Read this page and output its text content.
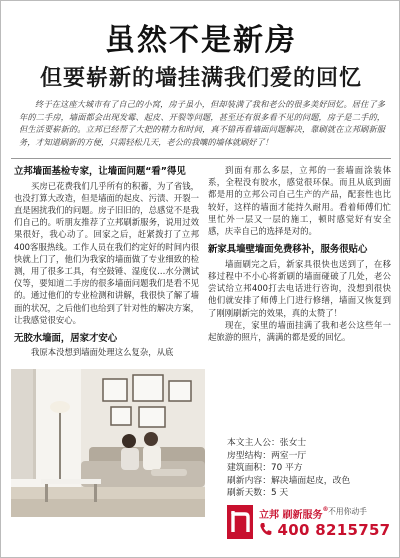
虽然不是新房
但要崭新的墙挂满我们爱的回忆
终于在这座大城市有了自己的小窝，房子虽小，但却装满了我和老公的很多美好回忆。居住了多年的二手房，墙面都会出现发霉、起皮、开裂等问题，甚至还有很多看不见的问题，房子是二手的，但生活要崭新的。立邦已经帮了大把的精力和时间，真不错再看墙面问题解决，靠刷就在立邦刷新服务，才知道刷新的方便，只需轻松几天，老公的我嚷的墙体就刷好了！
立邦墙面基检专家，让墙面问题“看”得见

买房已花费我们几乎所有的积蓄，为了省钱，也没打算大改造，但是墙面的起皮、污渍、开裂一直是困扰我们的问题。房子旧旧的，总感觉不是我们自己的。听朋友推荐了立邦刷新服务，说用过效果很好，我心动了。回家之后，赶紧拨打了立邦400客服热线。工作人员在我们约定好的时间内很快就上门了，他们为我家的墙面做了专业细致的检测，用了很多工具，有空鼓锤、湿度仪…水分测试仪等，要知道二手房的很多墙面问题我们是看不见的。通过他们的专业检测和讲解，我很快了解了墙面的状况，之后他们也给到了针对性的解决方案，让我感觉很安心。

无胶水墙面，居家才安心

我原本没想到墙面处理这么复杂，从底

到面有那么多层，立邦的一套墙面涂装体系，全程没有胶水，感觉很环保。而且从底到面都是用的立邦公司自己生产的产品，配套性也比较好，这样的墙面才能持久耐用。看着师傅们忙里忙外一层又一层的施工，顿时感觉好有安全感，庆幸自己的选择是对的。

新家具墙壁墙面免费移补，服务很贴心

墙面刷完之后，新家具很快也送到了，在移移过程中不小心将新刷的墙面碰破了几处，老公尝试给立邦400打去电话进行咨询，没想到很快他们就安排了师傅上门进行修缮，墙面又恢复到了刚刚刷新完的效果，真的太赞了！

现在，家里的墙面挂满了我和老公这些年一起旅游的照片，满满的都是爱的回忆。

本文主人公：张女士
房型结构：两室一厅
建筑面积：70 平方
刷新内容：解决墙面起皮，改色
刷新天数：5 天
立邦 刷新服务® 不用你动手
400 8215757
